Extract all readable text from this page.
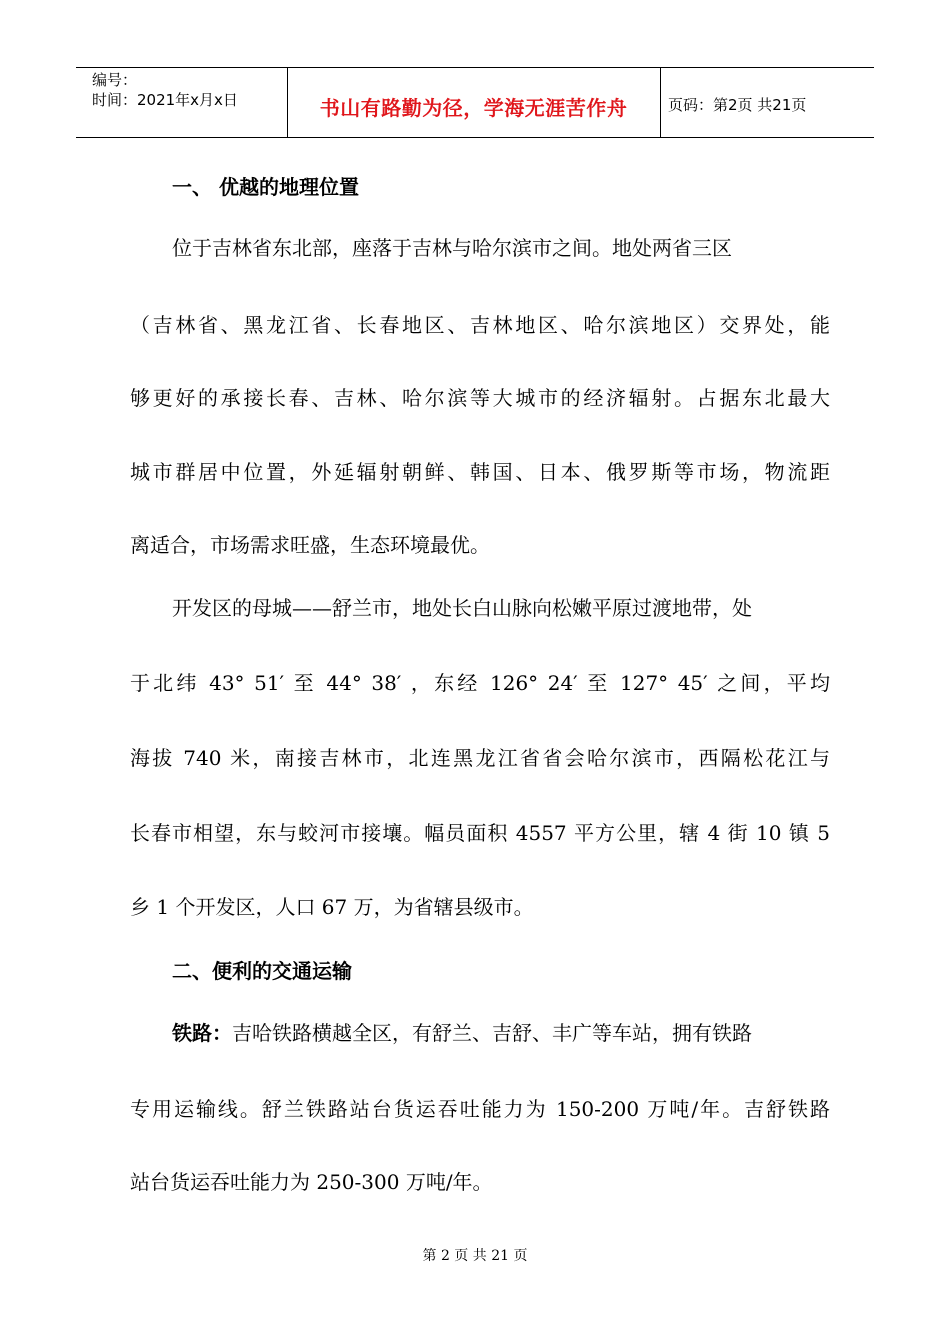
编号：
时间：2021年x月x日	书山有路勤为径，学海无涯苦作舟	页码：第2页 共21页
一、 优越的地理位置
位于吉林省东北部，座落于吉林与哈尔滨市之间。地处两省三区
（吉林省、黑龙江省、长春地区、吉林地区、哈尔滨地区）交界处，能
够更好的承接长春、吉林、哈尔滨等大城市的经济辐射。占据东北最大
城市群居中位置，外延辐射朝鲜、韩国、日本、俄罗斯等市场，物流距
离适合，市场需求旺盛，生态环境最优。
开发区的母城——舒兰市，地处长白山脉向松嫩平原过渡地带，处
于北纬 43° 51′ 至 44° 38′ ，东经 126° 24′ 至 127° 45′ 之间，平均
海拔 740 米，南接吉林市，北连黑龙江省省会哈尔滨市，西隔松花江与
长春市相望，东与蛟河市接壤。幅员面积 4557 平方公里，辖 4 街 10 镇 5
乡 1 个开发区，人口 67 万，为省辖县级市。
二、便利的交通运输
铁路：吉哈铁路横越全区，有舒兰、吉舒、丰广等车站，拥有铁路
专用运输线。舒兰铁路站台货运吞吐能力为 150-200 万吨/年。吉舒铁路
站台货运吞吐能力为 250-300 万吨/年。
第 2 页 共 21 页
